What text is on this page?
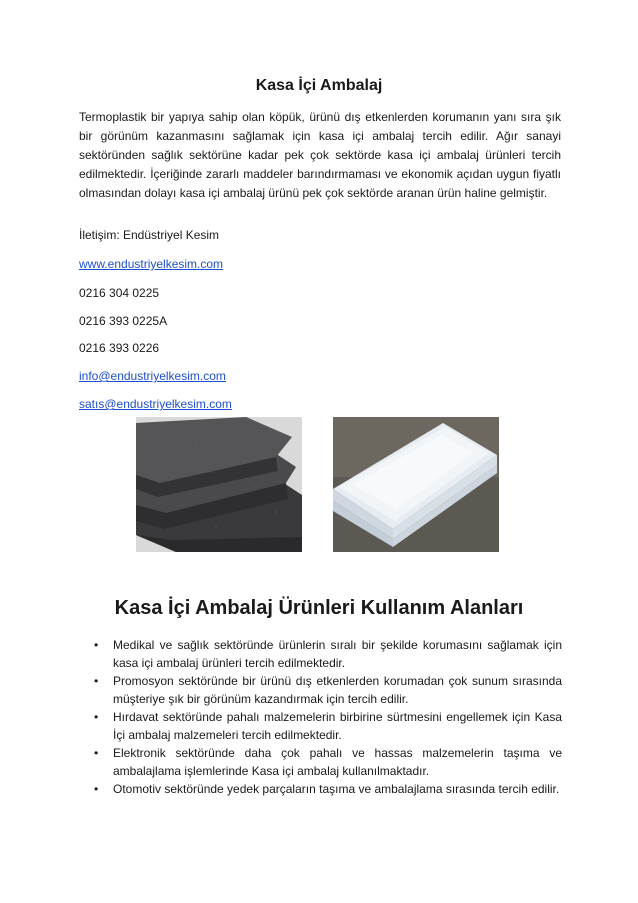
Kasa İçi Ambalaj

Termoplastik bir yapıya sahip olan köpük, ürünü dış etkenlerden korumanın yanı sıra şık bir görünüm kazanmasını sağlamak için kasa içi ambalaj tercih edilir. Ağır sanayi sektöründen sağlık sektörüne kadar pek çok sektörde kasa içi ambalaj ürünleri tercih edilmektedir. İçeriğinde zararlı maddeler barındırmaması ve ekonomik açıdan uygun fiyatlı olmasından dolayı kasa içi ambalaj ürünü pek çok sektörde aranan ürün haline gelmiştir.

İletişim: Endüstriyel Kesim
www.endustriyelkesim.com
0216 304 0225
0216 393 0225A
0216 393 0226
info@endustriyelkesim.com
satıs@endustriyelkesim.com
Kasa İçi Ambalaj Ürünleri Kullanım Alanları
• Medikal ve sağlık sektöründe ürünlerin sıralı bir şekilde korumasını sağlamak için kasa içi ambalaj ürünleri tercih edilmektedir.
• Promosyon sektöründe bir ürünü dış etkenlerden korumadan çok sunum sırasında müşteriye şık bir görünüm kazandırmak için tercih edilir.
• Hırdavat sektöründe pahalı malzemelerin birbirine sürtmesini engellemek için Kasa İçi ambalaj malzemeleri tercih edilmektedir.
• Elektronik sektöründe daha çok pahalı ve hassas malzemelerin taşıma ve ambalajlama işlemlerinde Kasa içi ambalaj kullanılmaktadır.
• Otomotiv sektöründe yedek parçaların taşıma ve ambalajlama sırasında tercih edilir.
